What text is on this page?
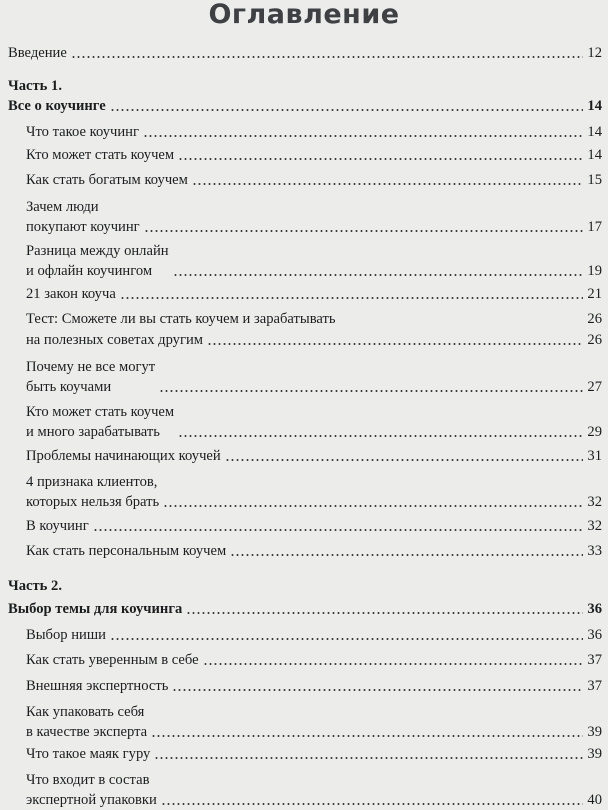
Оглавление
Введение	12
Часть 1.
Все о коучинге	14
Что такое коучинг	14
Кто может стать коучем	14
Как стать богатым коучем	15
Зачем люди
покупают коучинг	17
Разница между онлайн
и офлайн коучингом	19
21 закон коуча	21
Тест: Сможете ли вы стать коучем и зарабатывать	26
на полезных советах другим	26
Почему не все могут
быть коучами	27
Кто может стать коучем
и много зарабатывать	29
Проблемы начинающих коучей	31
4 признака клиентов,
которых нельзя брать	32
В коучинг	32
Как стать персональным коучем	33
Часть 2.
Выбор темы для коучинга	36
Выбор ниши	36
Как стать уверенным в себе	37
Внешняя экспертность	37
Как упаковать себя
в качестве эксперта	39
Что такое маяк гуру	39
Что входит в состав
экспертной упаковки	40
